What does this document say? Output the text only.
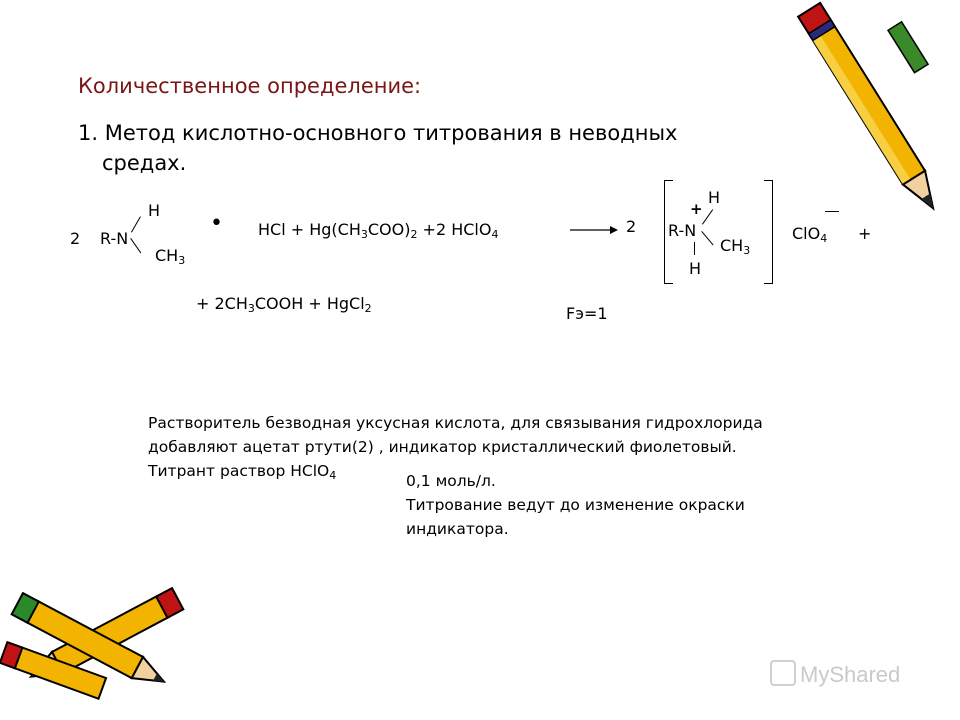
Количественное определение:
1. Метод кислотно-основного титрования в неводных
средах.
2 R-N
H
$CH_3$
• HCl + $Hg(CH_3COO)_2 +2$ HClO$_4$	→ 2 R-N
H
+
$CH_3$
H
ClO$_4$ +
+ $2CH_3COOH$ + HgCl$_2$	Fэ=1
Растворитель безводная уксусная кислота, для связывания гидрохлорида
добавляют ацетат ртути(2) , индикатор кристаллический фиолетовый.
Титрант раствор HClO$_4$	0,1 моль/л.
Титрование ведут до изменение окраски
индикатора.
MyShared
